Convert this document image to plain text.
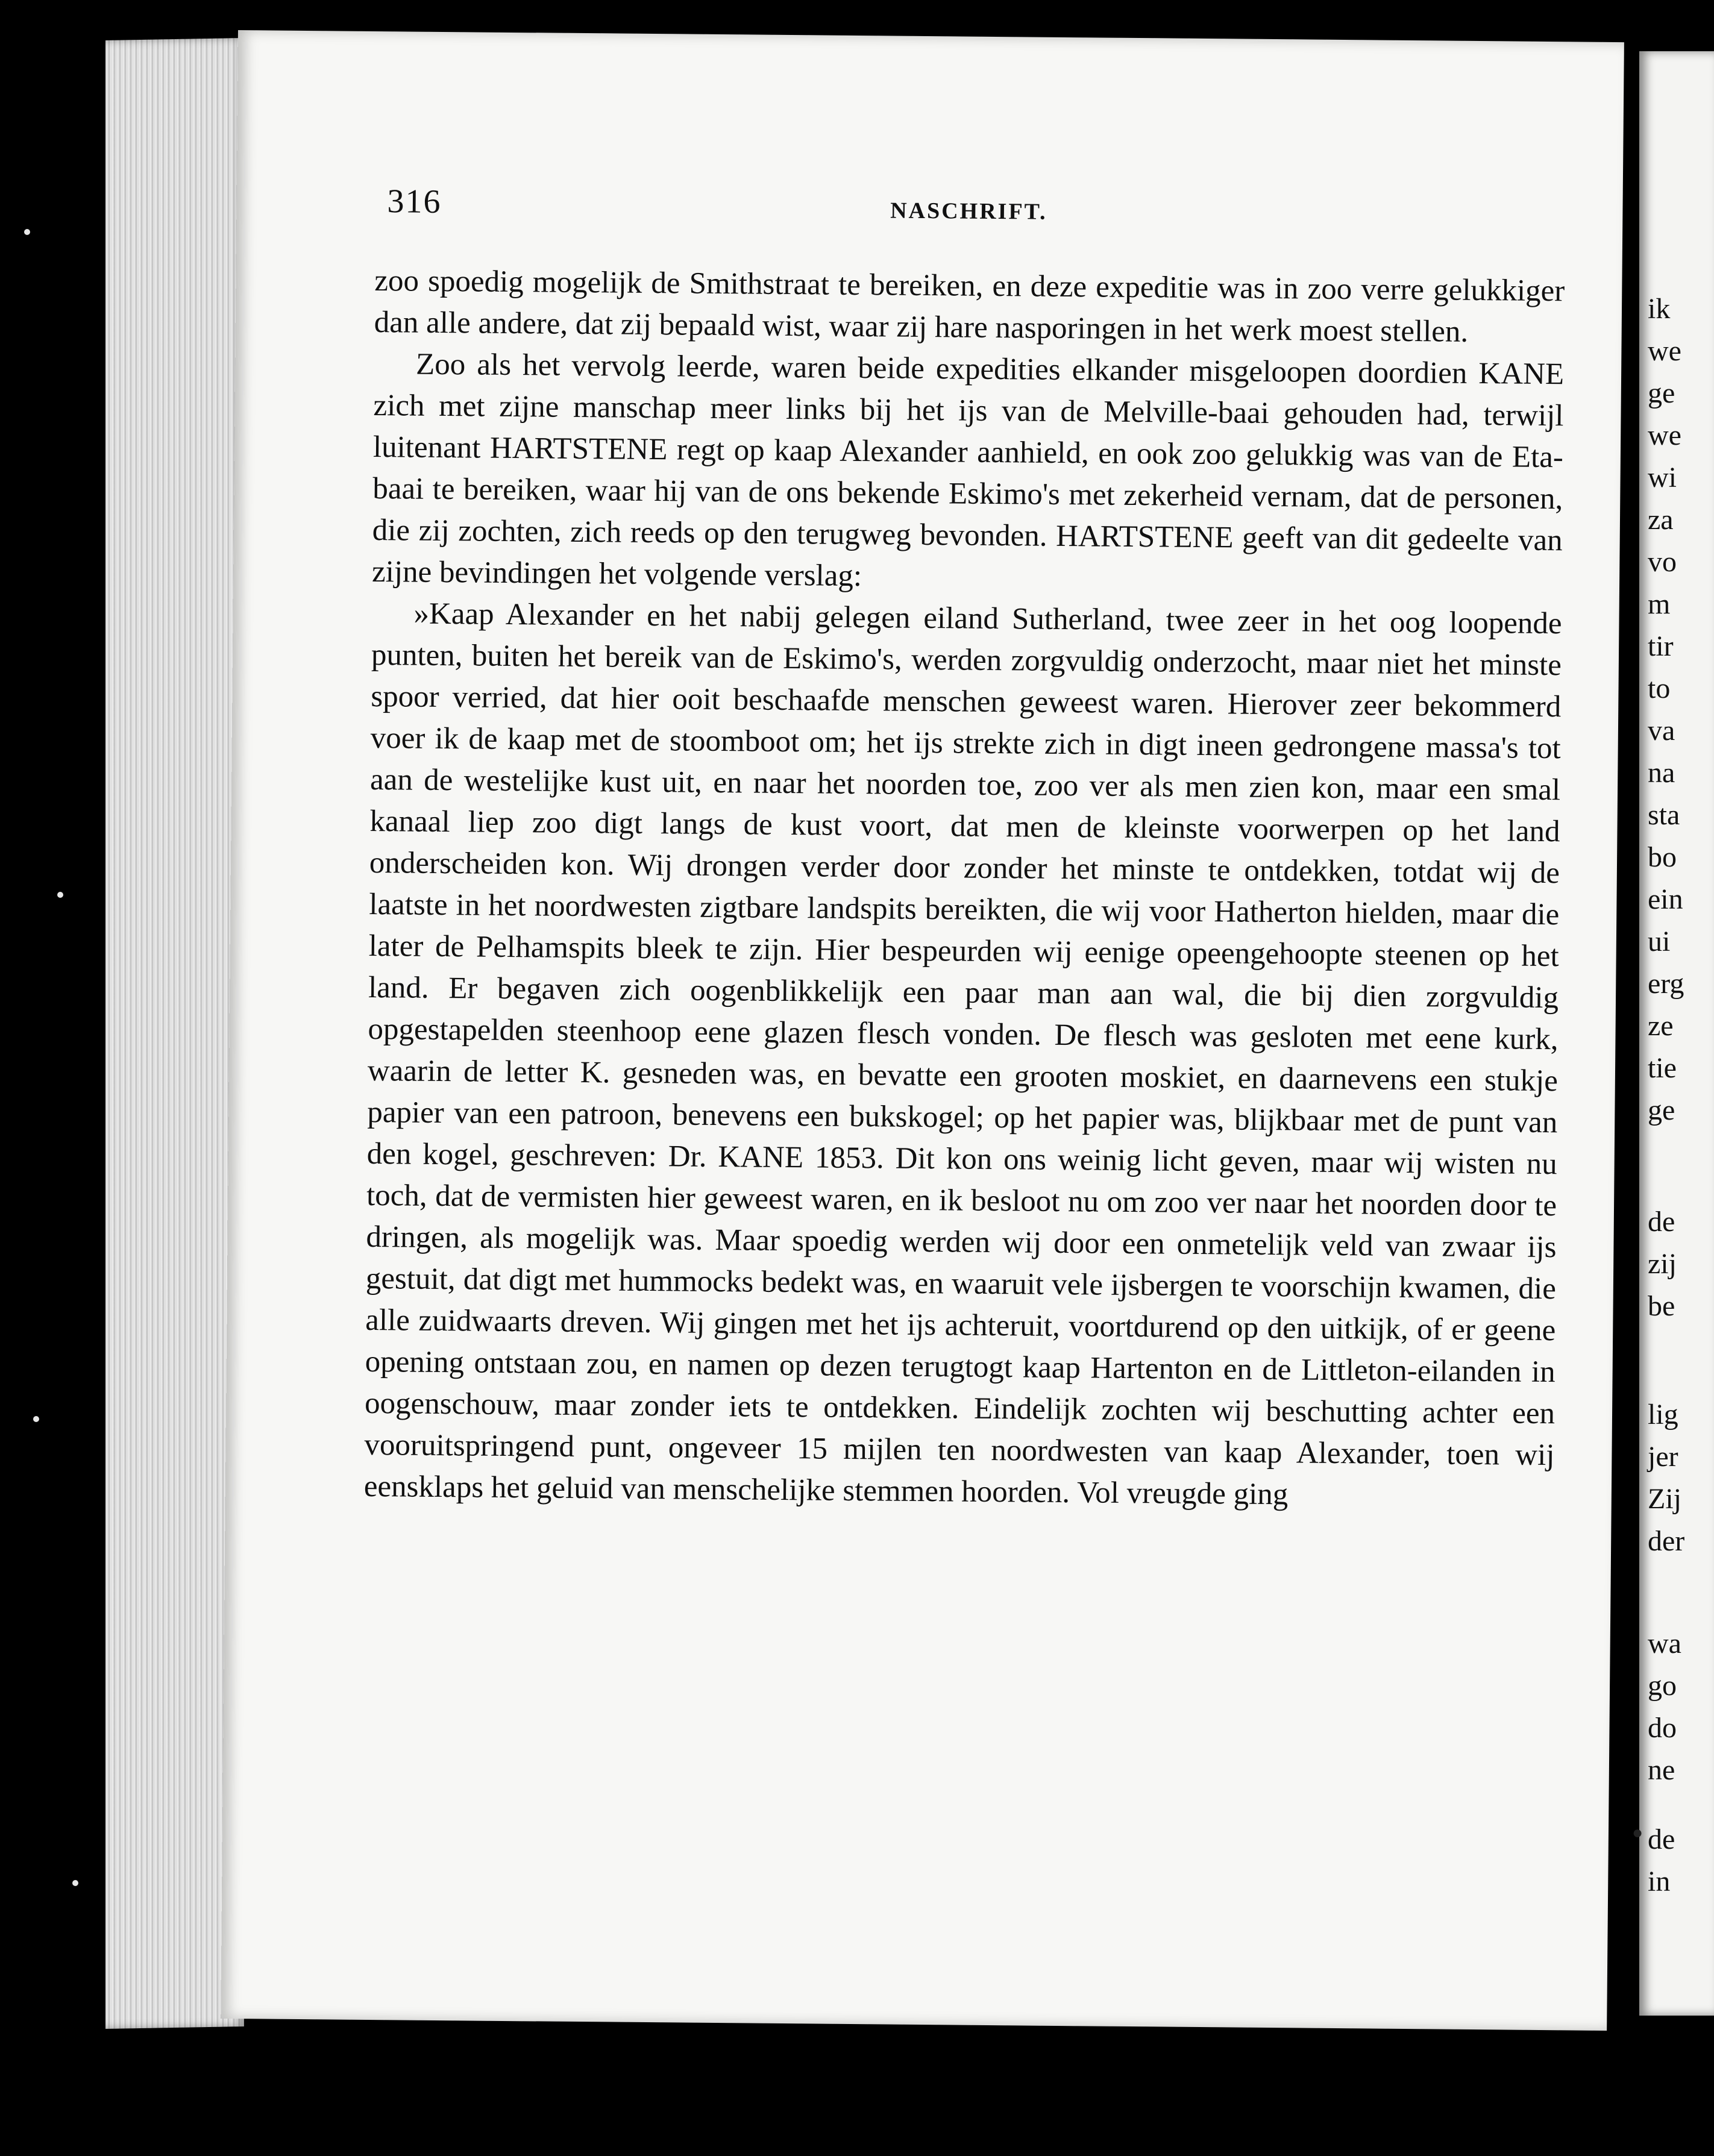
316	NASCHRIFT.

zoo spoedig mogelijk de Smithstraat te bereiken, en deze expeditie was in zoo verre gelukkiger dan alle andere, dat zij bepaald wist, waar zij hare nasporingen in het werk moest stellen.

Zoo als het vervolg leerde, waren beide expedities elkander misgeloopen doordien KANE zich met zijne manschap meer links bij het ijs van de Melville-baai gehouden had, terwijl luitenant HARTSTENE regt op kaap Alexander aanhield, en ook zoo gelukkig was van de Eta-baai te bereiken, waar hij van de ons bekende Eskimo's met zekerheid vernam, dat de personen, die zij zochten, zich reeds op den terugweg bevonden. HARTSTENE geeft van dit gedeelte van zijne bevindingen het volgende verslag:

»Kaap Alexander en het nabij gelegen eiland Sutherland, twee zeer in het oog loopende punten, buiten het bereik van de Eskimo's, werden zorgvuldig onderzocht, maar niet het minste spoor verried, dat hier ooit beschaafde menschen geweest waren. Hierover zeer bekommerd voer ik de kaap met de stoomboot om; het ijs strekte zich in digt ineen gedrongene massa's tot aan de westelijke kust uit, en naar het noorden toe, zoo ver als men zien kon, maar een smal kanaal liep zoo digt langs de kust voort, dat men de kleinste voorwerpen op het land onderscheiden kon. Wij drongen verder door zonder het minste te ontdekken, totdat wij de laatste in het noordwesten zigtbare landspits bereikten, die wij voor Hatherton hielden, maar die later de Pelhamspits bleek te zijn. Hier bespeurden wij eenige opeengehoopte steenen op het land. Er begaven zich oogenblikkelijk een paar man aan wal, die bij dien zorgvuldig opgestapelden steenhoop eene glazen flesch vonden. De flesch was gesloten met eene kurk, waarin de letter K. gesneden was, en bevatte een grooten moskiet, en daarnevens een stukje papier van een patroon, benevens een bukskogel; op het papier was, blijkbaar met de punt van den kogel, geschreven: Dr. KANE 1853. Dit kon ons weinig licht geven, maar wij wisten nu toch, dat de vermisten hier geweest waren, en ik besloot nu om zoo ver naar het noorden door te dringen, als mogelijk was. Maar spoedig werden wij door een onmetelijk veld van zwaar ijs gestuit, dat digt met hummocks bedekt was, en waaruit vele ijsbergen te voorschijn kwamen, die alle zuidwaarts dreven. Wij gingen met het ijs achteruit, voortdurend op den uitkijk, of er geene opening ontstaan zou, en namen op dezen terugtogt kaap Hartenton en de Littleton-eilanden in oogenschouw, maar zonder iets te ontdekken. Eindelijk zochten wij beschutting achter een vooruitspringend punt, ongeveer 15 mijlen ten noordwesten van kaap Alexander, toen wij eensklaps het geluid van menschelijke stemmen hoorden. Vol vreugde ging

ik
we
ge
we
wi
za
vo
m
tir
to
va
na
sta
bo
ein
ui
erg
ze
tie
ge
de
zij
be
lig
jer
Zij
der
wa
go
do
ne
de
in
●
